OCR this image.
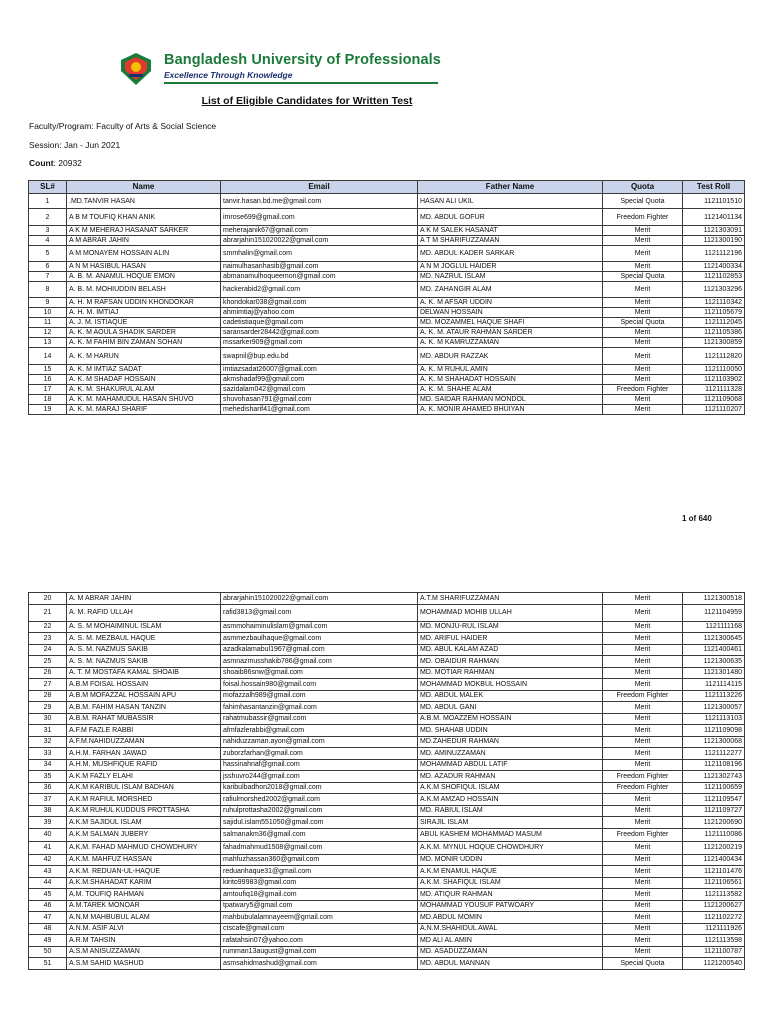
Bangladesh University of Professionals
Excellence Through Knowledge
List of Eligible Candidates for Written Test
Faculty/Program: Faculty of Arts & Social Science
Session: Jan - Jun 2021
Count: 20932
SL#	Name	Email	Father Name	Quota	Test Roll
1	.MD.TANVIR HASAN	tanvir.hasan.bd.me@gmail.com	HASAN ALI UKIL	Special Quota	1121101510
2	A B M TOUFIQ KHAN ANIK	imrose699@gmail.com	MD. ABDUL GOFUR	Freedom Fighter	1121401134
3	A K M MEHERAJ HASANAT SARKER	meherajanik67@gmail.com	A K M SALEK HASANAT	Merit	1121303091
4	A M ABRAR JAHIN	abrarjahin151020022@gmail.com	A T M SHARIFUZZAMAN	Merit	1121300190
5	A M MONAYEM HOSSAIN ALIN	smmhalin@gmail.com	MD. ABDUL KADER SARKAR	Merit	1121112196
6	A N M HASIBUL HASAN	naimulhasanhasib@gmail.com	A N M JOGLUL HAIDER	Merit	1121400334
7	A. B. M. ANAMUL HOQUE EMON	abmanamulhoqueemon@gmail.com	MD. NAZRUL ISLAM	Special Quota	1121102853
8	A. B. M. MOHIUDDIN BELASH	hackerabid2@gmail.com	MD. ZAHANGIR ALAM	Merit	1121303296
9	A. H. M RAFSAN UDDIN KHONDOKAR	khondokar038@gmail.com	A. K. M AFSAR UDDIN	Merit	1121110342
10	A. H. M. IMTIAJ	ahmimtiaj@yahoo.com	DELWAN HOSSAIN	Merit	1121105679
11	A. J. M. ISTIAQUE	cadetistiaque@gmail.com	MD. MOZAMMEL HAQUE SHAFI	Special Quota	1121112045
12	A. K. M AOULA SHADIK SARDER	saransarder28442@gmail.com	A. K. M. ATAUR RAHMAN SARDER	Merit	1121105386
13	A. K. M FAHIM BIN ZAMAN SOHAN	mssarker909@gmail.com	A. K. M KAMRUZZAMAN	Merit	1121300859
14	A. K. M HARUN	swapnil@bup.edu.bd	MD. ABDUR RAZZAK	Merit	1121112820
15	A. K. M IMTIAZ SADAT	imtiazsadat26007@gmail.com	A. K. M RUHUL AMIN	Merit	1121110050
16	A. K. M SHADAF HOSSAIN	akmshadaf99@gmail.com	A. K. M SHAHADAT HOSSAIN	Merit	1121103902
17	A. K. M. SHAKURUL ALAM	sazidalam042@gmail.com	A. K. M. SHAHE ALAM	Freedom Fighter	1121111328
18	A. K. M. MAHAMUDUL HASAN SHUVO	shuvohasan791@gmail.com	MD. SAIDAR RAHMAN MONDOL	Merit	1121109068
19	A. K. M. MARAJ SHARIF	mehedisharif41@gmail.com	A. K. MONIR AHAMED BHUIYAN	Merit	1121110207
1 of 640
20	A. M ABRAR JAHIN	abrarjahin151020022@gmail.com	A.T.M SHARIFUZZAMAN	Merit	1121300518
21	A. M. RAFID ULLAH	rafid3813@gmail.com	MOHAMMAD MOHIB ULLAH	Merit	1121104959
22	A. S. M MOHAIMINUL ISLAM	asmmohaiminulislam@gmail.com	MD. MONJU-RUL ISLAM	Merit	1121111168
23	A. S. M. MEZBAUL HAQUE	asmmezbaulhaque@gmail.com	MD. ARIFUL HAIDER	Merit	1121300645
24	A. S. M. NAZMUS SAKIB	azadkalamabul1967@gmail.com	MD. ABUL KALAM AZAD	Merit	1121400461
25	A. S. M. NAZMUS SAKIB	asmnazmusshakib786@gmail.com	MD. OBAIDUR RAHMAN	Merit	1121300635
26	A. T. M MOSTAFA KAMAL SHOAIB	shoaib86snw@gmail.com	MD. MOTIAR RAHMAN	Merit	1121301480
27	A.B.M FOISAL HOSSAIN	foisal.hossain980@gmail.com	MOHAMMAD MOKBUL HOSSAIN	Merit	1121114115
28	A.B.M MOFAZZAL HOSSAIN APU	mofazzalh989@gmail.com	MD. ABDUL MALEK	Freedom Fighter	1121113226
29	A.B.M. FAHIM HASAN TANZIN	fahimhasantanzin@gmail.com	MD. ABDUL GANI	Merit	1121300057
30	A.B.M. RAHAT MUBASSIR	rahatmubassir@gmail.com	A.B.M. MOAZZEM HOSSAIN	Merit	1121113103
31	A.F.M FAZLE RABBI	afmfazlerabbi@gmail.com	MD. SHAHAB UDDIN	Merit	1121109098
32	A.F.M.NAHIDUZZAMAN	nahiduzzaman.ayon@gmail.com	MD.ZAHEDUR RAHMAN	Merit	1121300068
33	A.H.M. FARHAN JAWAD	zuborzfarhan@gmail.com	MD. AMINUZZAMAN	Merit	1121112277
34	A.H.M. MUSHFIQUE RAFID	hassinahnaf@gmail.com	MOHAMMAD ABDUL LATIF	Merit	1121108196
35	A.K.M FAZLY ELAHI	jsshuvro244@gmail.com	MD. AZADUR RAHMAN	Freedom Fighter	1121302743
36	A.K.M KARIBUL ISLAM BADHAN	karibulbadhon2018@gmail.com	A.K.M SHOFIQUL ISLAM	Freedom Fighter	1121100659
37	A.K.M RAFIUL MORSHED	rafiulmorshed2002@gmail.com	A.K.M AMZAD HOSSAIN	Merit	1121109547
38	A.K.M RUHUL KUDDUS PROTTASHA	ruhulprottasha2002@gmail.com	MD. RABIUL ISLAM	Merit	1121109727
39	A.K.M SAJIDUL ISLAM	sajidul.islam551050@gmail.com	SIRAJIL ISLAM	Merit	1121200690
40	A.K.M SALMAN JUBERY	salmanakm36@gmail.com	ABUL KASHEM MOHAMMAD MASUM	Freedom Fighter	1121110086
41	A.K.M. FAHAD MAHMUD CHOWDHURY	fahadmahmud1508@gmail.com	A.K.M. MYNUL HOQUE CHOWDHURY	Merit	1121200219
42	A.K.M. MAHFUZ HASSAN	mahfuzhassan360@gmail.com	MD. MONIR UDDIN	Merit	1121400434
43	A.K.M. REDUAN-UL-HAQUE	reduanhaque31@gmail.com	A.K.M ENAMUL HAQUE	Merit	1121101476
44	A.K.M.SHAHADAT KARIM	kirito99983@gmail.com	A.K.M. SHAFIQUL ISLAM	Merit	1121106561
45	A.M. TOUFIQ RAHMAN	amtoufiq18@gmail.com	MD. ATIQUR RAHMAN	Merit	1121113582
46	A.M.TAREK MONOAR	tpatwary5@gmail.com	MOHAMMAD YOUSUF PATWOARY	Merit	1121200627
47	A.N.M MAHBUBUL ALAM	mahbubulalamnayeem@gmail.com	MD.ABDUL MOMIN	Merit	1121102272
48	A.N.M. ASIF ALVI	ctscafe@gmail.com	A.N.M.SHAHIDUL AWAL	Merit	1121111926
49	A.R.M TAHSIN	rafatahsin07@yahoo.com	MD ALI AL AMIN	Merit	1121113598
50	A.S.M ANISUZZAMAN	rumman13august@gmail.com	MD. ASADUZZAMAN	Merit	1121100787
51	A.S.M SAHID MASHUD	asmsahidmashud@gmail.com	MD. ABDUL MANNAN	Special Quota	1121200540
